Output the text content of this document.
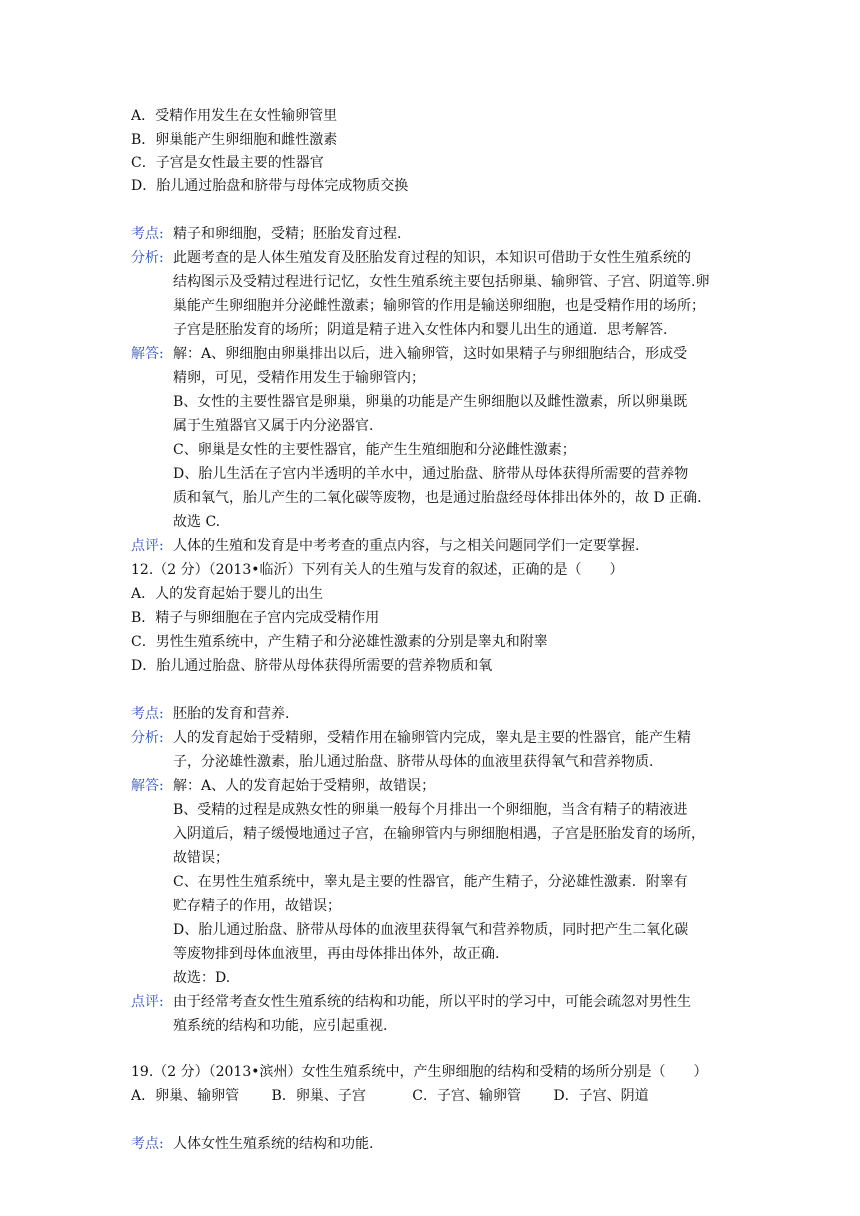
A．受精作用发生在女性输卵管里
B．卵巢能产生卵细胞和雌性激素
C．子宫是女性最主要的性器官
D．胎儿通过胎盘和脐带与母体完成物质交换
考点: 精子和卵细胞，受精；胚胎发育过程.
分析: 此题考查的是人体生殖发育及胚胎发育过程的知识，本知识可借助于女性生殖系统的
结构图示及受精过程进行记忆，女性生殖系统主要包括卵巢、输卵管、子宫、阴道等.卵
巢能产生卵细胞并分泌雌性激素；输卵管的作用是输送卵细胞，也是受精作用的场所；
子宫是胚胎发育的场所；阴道是精子进入女性体内和婴儿出生的通道．思考解答.
解答: 解：A、卵细胞由卵巢排出以后，进入输卵管，这时如果精子与卵细胞结合，形成受
精卵，可见，受精作用发生于输卵管内；
B、女性的主要性器官是卵巢，卵巢的功能是产生卵细胞以及雌性激素，所以卵巢既
属于生殖器官又属于内分泌器官.
C、卵巢是女性的主要性器官，能产生生殖细胞和分泌雌性激素；
D、胎儿生活在子宫内半透明的羊水中，通过胎盘、脐带从母体获得所需要的营养物
质和氧气，胎儿产生的二氧化碳等废物，也是通过胎盘经母体排出体外的，故 D 正确.
故选 C.
点评: 人体的生殖和发育是中考考查的重点内容，与之相关问题同学们一定要掌握.
12.（2 分）（2013•临沂）下列有关人的生殖与发育的叙述，正确的是（　　）
A．人的发育起始于婴儿的出生
B．精子与卵细胞在子宫内完成受精作用
C．男性生殖系统中，产生精子和分泌雄性激素的分别是睾丸和附睾
D．胎儿通过胎盘、脐带从母体获得所需要的营养物质和氧
考点: 胚胎的发育和营养.
分析: 人的发育起始于受精卵，受精作用在输卵管内完成，睾丸是主要的性器官，能产生精
子，分泌雄性激素，胎儿通过胎盘、脐带从母体的血液里获得氧气和营养物质.
解答: 解：A、人的发育起始于受精卵，故错误；
B、受精的过程是成熟女性的卵巢一般每个月排出一个卵细胞，当含有精子的精液进
入阴道后，精子缓慢地通过子宫，在输卵管内与卵细胞相遇，子宫是胚胎发育的场所，
故错误；
C、在男性生殖系统中，睾丸是主要的性器官，能产生精子，分泌雄性激素．附睾有
贮存精子的作用，故错误；
D、胎儿通过胎盘、脐带从母体的血液里获得氧气和营养物质，同时把产生二氧化碳
等废物排到母体血液里，再由母体排出体外，故正确.
故选：D.
点评: 由于经常考查女性生殖系统的结构和功能，所以平时的学习中，可能会疏忽对男性生
殖系统的结构和功能，应引起重视.
19.（2 分）（2013•滨州）女性生殖系统中，产生卵细胞的结构和受精的场所分别是（　　）
A．卵巢、输卵管　　 B．卵巢、子宫　　　 C．子宫、输卵管　　 D．子宫、阴道
考点: 人体女性生殖系统的结构和功能.
